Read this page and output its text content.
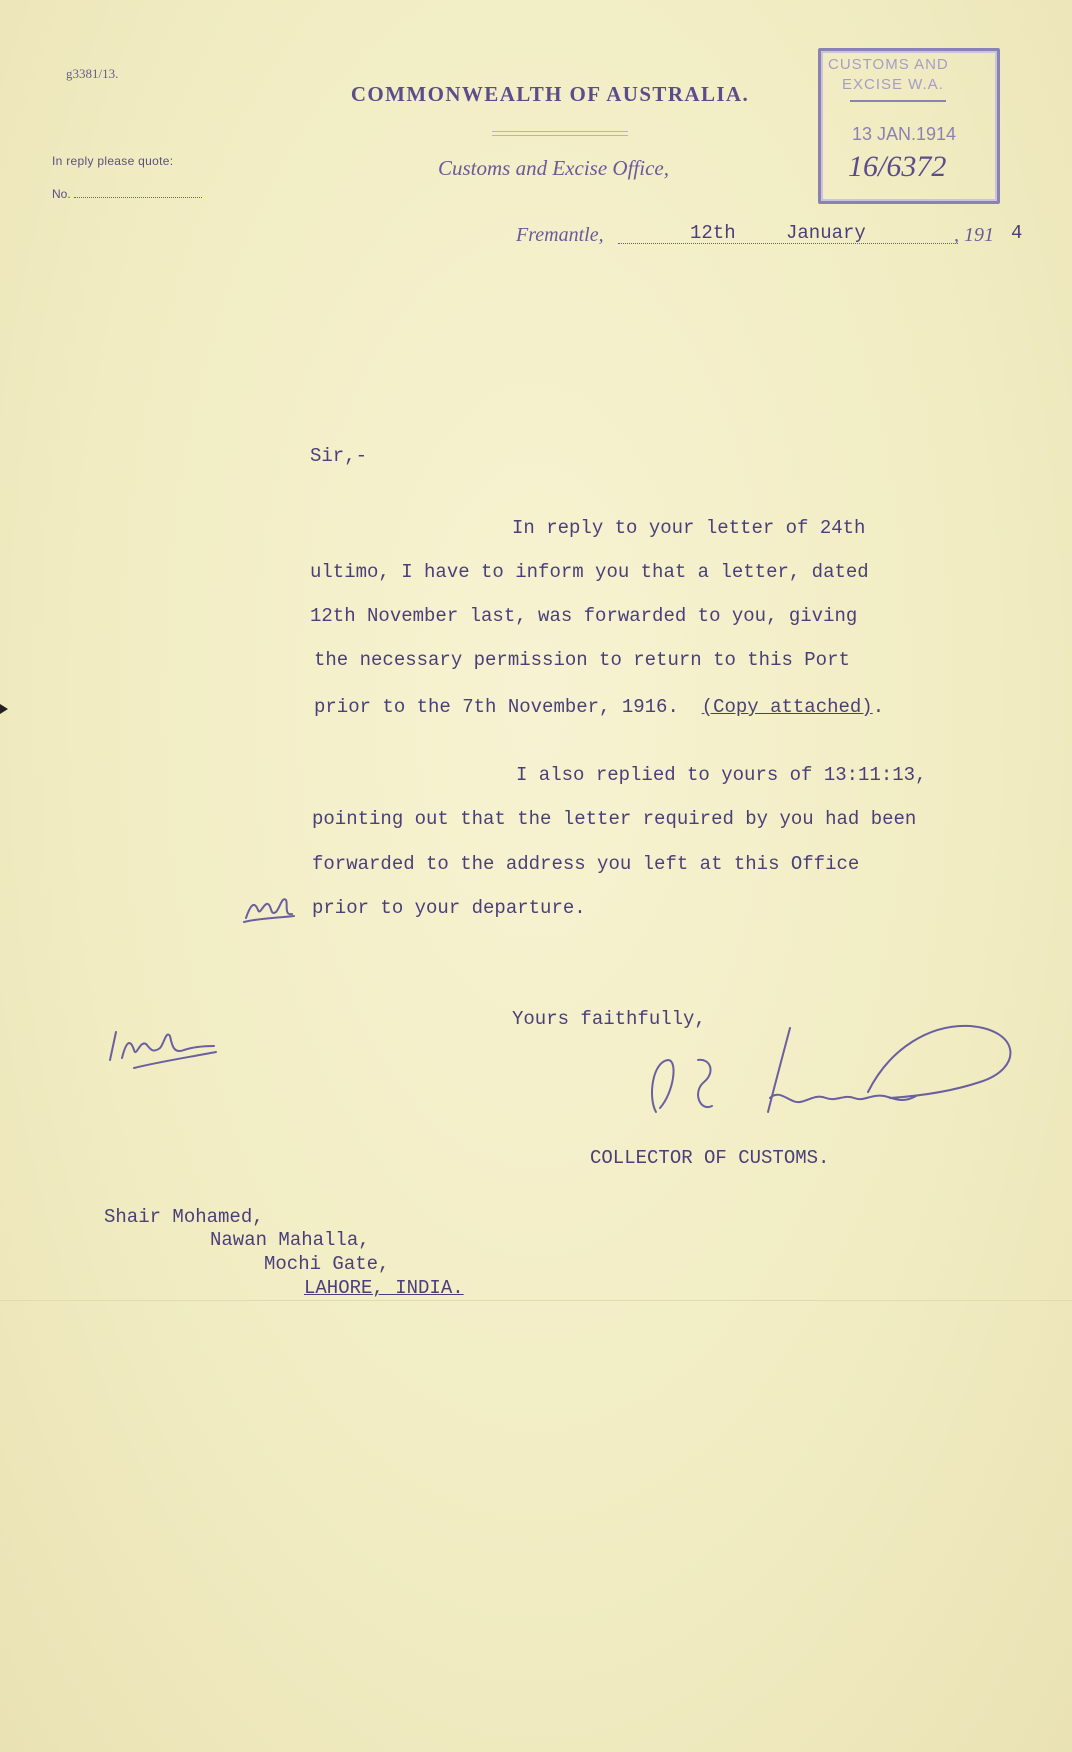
g3381/13.
In reply please quote:
No.
COMMONWEALTH OF AUSTRALIA.
Customs and Excise Office,
Fremantle,	12th	January	, 191 4
CUSTOMS AND
EXCISE W.A.
13 JAN.1914
16/6372
Sir,-
In reply to your letter of 24th
ultimo, I have to inform you that a letter, dated
12th November last, was forwarded to you, giving
the necessary permission to return to this Port
prior to the 7th November, 1916. (Copy attached).
I also replied to yours of 13:11:13,
pointing out that the letter required by you had been
forwarded to the address you left at this Office
prior to your departure.
Yours faithfully,
COLLECTOR OF CUSTOMS.
Shair Mohamed,
Nawan Mahalla,
Mochi Gate,
LAHORE, INDIA.
